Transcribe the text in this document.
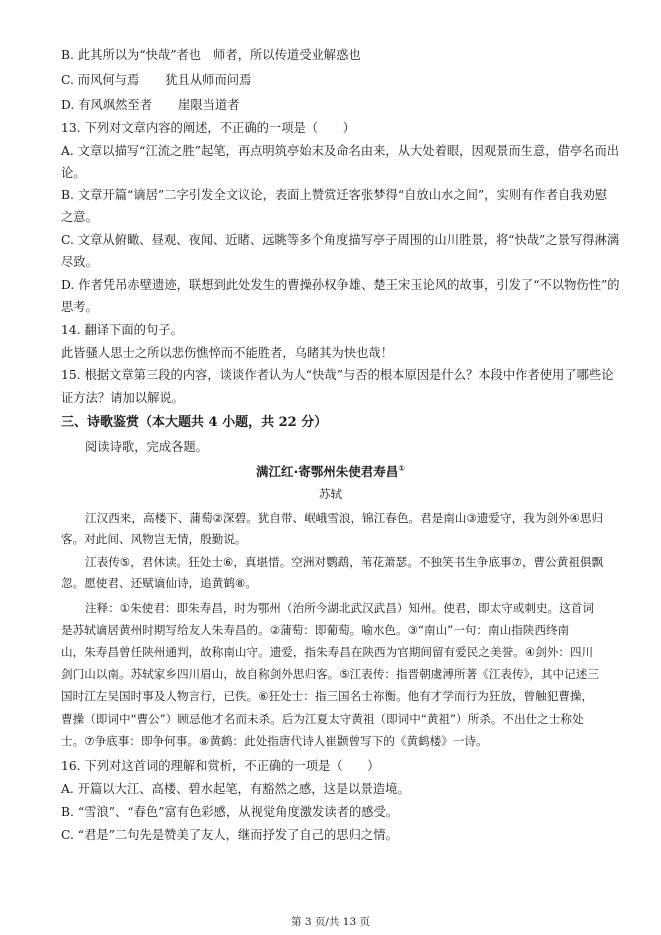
B. 此其所以为“快哉”者也 师者，所以传道受业解惑也
C. 而风何与焉 犹且从师而问焉
D. 有风飒然至者 崖限当道者
13. 下列对文章内容的阐述，不正确的一项是（　　）
A. 文章以描写“江流之胜”起笔，再点明筑亭始末及命名由来，从大处着眼，因观景而生意，借亭名而出
论。
B. 文章开篇“谪居”二字引发全文议论，表面上赞赏迁客张梦得“自放山水之间”，实则有作者自我劝慰
之意。
C. 文章从俯瞰、昼观、夜闻、近睹、远眺等多个角度描写亭子周围的山川胜景，将“快哉”之景写得淋漓
尽致。
D. 作者凭吊赤壁遗迹，联想到此处发生的曹操孙权争雄、楚王宋玉论风的故事，引发了“不以物伤性”的
思考。
14. 翻译下面的句子。
此皆骚人思士之所以悲伤憔悴而不能胜者，乌睹其为快也哉！
15. 根据文章第三段的内容，谈谈作者认为人“快哉”与否的根本原因是什么？本段中作者使用了哪些论
证方法？请加以解说。
三、诗歌鉴赏（本大题共 4 小题，共 22 分）
阅读诗歌，完成各题。
满江红·寄鄂州朱使君寿昌①
苏轼
江汉西来，高楼下、蒲萄②深碧。犹自带、岷峨雪浪，锦江春色。君是南山③遗爱守，我为剑外④思归
客。对此间、风物岂无情，殷勤说。
江表传⑤，君休读。狂处士⑥，真堪惜。空洲对鹦鹉，苇花萧瑟。不独笑书生争底事⑦，曹公黄祖俱飘
忽。愿使君、还赋谪仙诗，追黄鹤⑧。
注释：①朱使君：即朱寿昌，时为鄂州（治所今湖北武汉武昌）知州。使君，即太守或刺史。这首词
是苏轼谪居黄州时期写给友人朱寿昌的。②蒲萄：即葡萄。喻水色。③“南山”一句：南山指陕西终南
山，朱寿昌曾任陕州通判，故称南山守。遗爱，指朱寿昌在陕西为官期间留有爱民之美誉。④剑外：四川
剑门山以南。苏轼家乡四川眉山，故自称剑外思归客。⑤江表传：指晋朝虞溥所著《江表传》，其中记述三
国时江左吴国时事及人物言行，已佚。⑥狂处士：指三国名士祢衡。他有才学而行为狂放，曾触犯曹操，
曹操（即词中“曹公”）顾忌他才名而未杀。后为江夏太守黄祖（即词中“黄祖”）所杀。不出仕之士称处
士。⑦争底事：即争何事。⑧黄鹤：此处指唐代诗人崔颢曾写下的《黄鹤楼》一诗。
16. 下列对这首词的理解和赏析，不正确的一项是（　　）
A. 开篇以大江、高楼、碧水起笔，有豁然之感，这是以景造境。
B. “雪浪”、“春色”富有色彩感，从视觉角度激发读者的感受。
C. “君是”二句先是赞美了友人，继而抒发了自己的思归之情。
第 3 页/共 13 页
